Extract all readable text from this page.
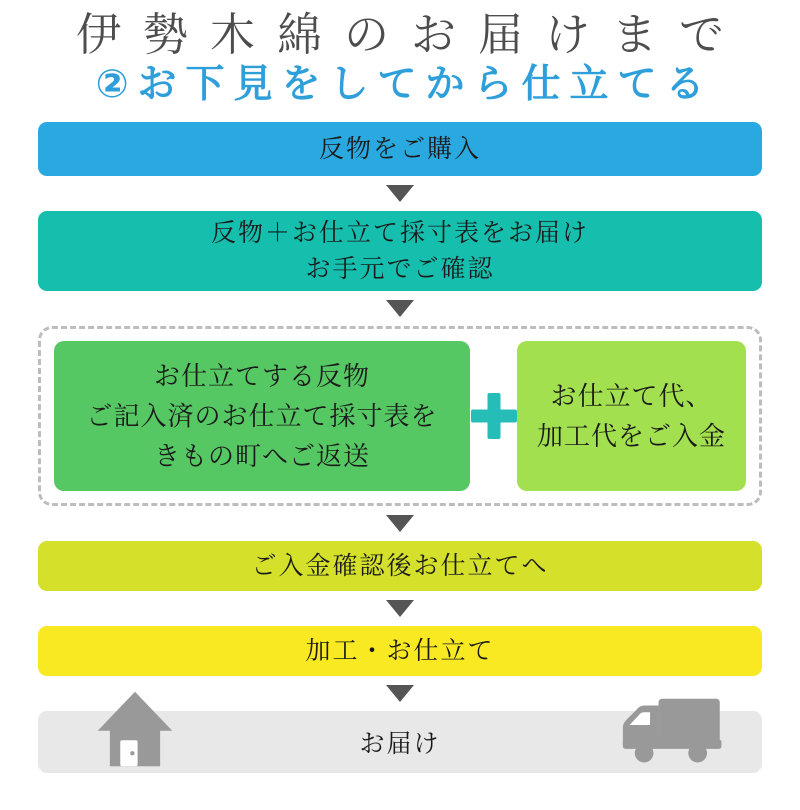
伊勢木綿のお届けまで
②お下見をしてから仕立てる
反物をご購入
反物＋お仕立て採寸表をお届け
お手元でご確認
お仕立てする反物
ご記入済のお仕立て採寸表を
きもの町へご返送
お仕立て代、
加工代をご入金
ご入金確認後お仕立てへ
加工・お仕立て
お届け
